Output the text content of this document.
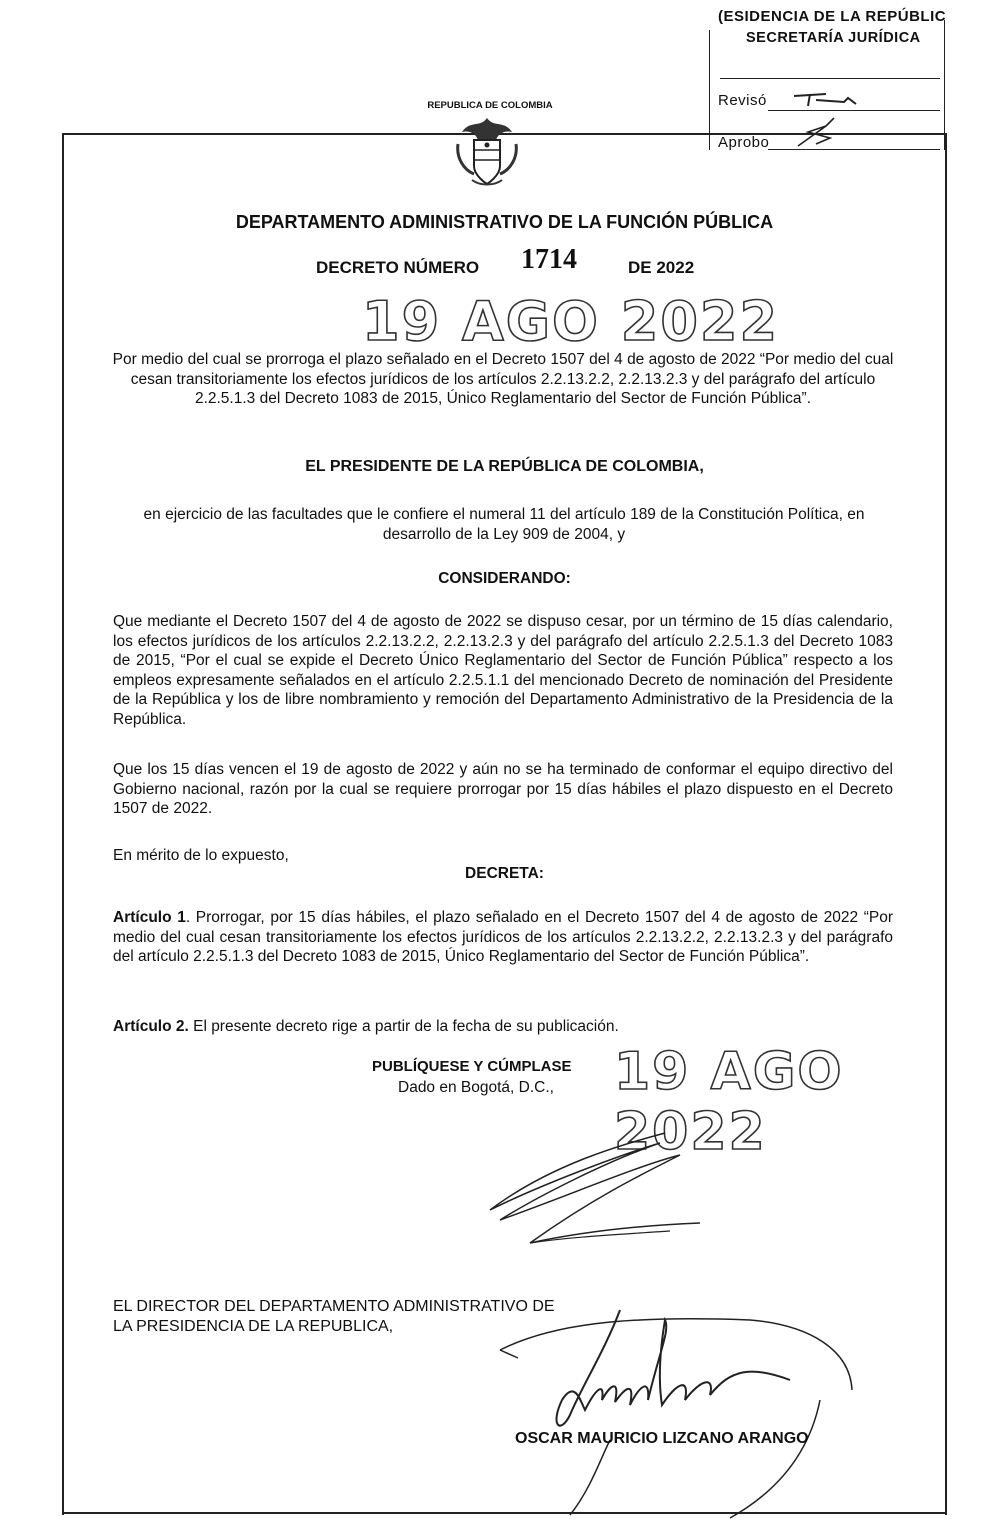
(ESIDENCIA DE LA REPÚBLIC
SECRETARÍA JURÍDICA
Revisó
Aprobo
REPUBLICA DE COLOMBIA
DEPARTAMENTO ADMINISTRATIVO DE LA FUNCIÓN PÚBLICA
DECRETO NÚMERO 1714	DE 2022
19 AGO 2022
Por medio del cual se prorroga el plazo señalado en el Decreto 1507 del 4 de agosto de 2022 “Por medio del cual cesan transitoriamente los efectos jurídicos de los artículos 2.2.13.2.2, 2.2.13.2.3 y del parágrafo del artículo 2.2.5.1.3 del Decreto 1083 de 2015, Único Reglamentario del Sector de Función Pública”.
EL PRESIDENTE DE LA REPÚBLICA DE COLOMBIA,
en ejercicio de las facultades que le confiere el numeral 11 del artículo 189 de la Constitución Política, en desarrollo de la Ley 909 de 2004, y
CONSIDERANDO:
Que mediante el Decreto 1507 del 4 de agosto de 2022 se dispuso cesar, por un término de 15 días calendario, los efectos jurídicos de los artículos 2.2.13.2.2, 2.2.13.2.3 y del parágrafo del artículo 2.2.5.1.3 del Decreto 1083 de 2015, “Por el cual se expide el Decreto Único Reglamentario del Sector de Función Pública” respecto a los empleos expresamente señalados en el artículo 2.2.5.1.1 del mencionado Decreto de nominación del Presidente de la República y los de libre nombramiento y remoción del Departamento Administrativo de la Presidencia de la República.
Que los 15 días vencen el 19 de agosto de 2022 y aún no se ha terminado de conformar el equipo directivo del Gobierno nacional, razón por la cual se requiere prorrogar por 15 días hábiles el plazo dispuesto en el Decreto 1507 de 2022.
En mérito de lo expuesto,
DECRETA:
Artículo 1. Prorrogar, por 15 días hábiles, el plazo señalado en el Decreto 1507 del 4 de agosto de 2022 “Por medio del cual cesan transitoriamente los efectos jurídicos de los artículos 2.2.13.2.2, 2.2.13.2.3 y del parágrafo del artículo 2.2.5.1.3 del Decreto 1083 de 2015, Único Reglamentario del Sector de Función Pública”.
Artículo 2. El presente decreto rige a partir de la fecha de su publicación.
PUBLÍQUESE Y CÚMPLASE
Dado en Bogotá, D.C., 19 AGO 2022
EL DIRECTOR DEL DEPARTAMENTO ADMINISTRATIVO DE
LA PRESIDENCIA DE LA REPUBLICA,
OSCAR MAURICIO LIZCANO ARANGO
